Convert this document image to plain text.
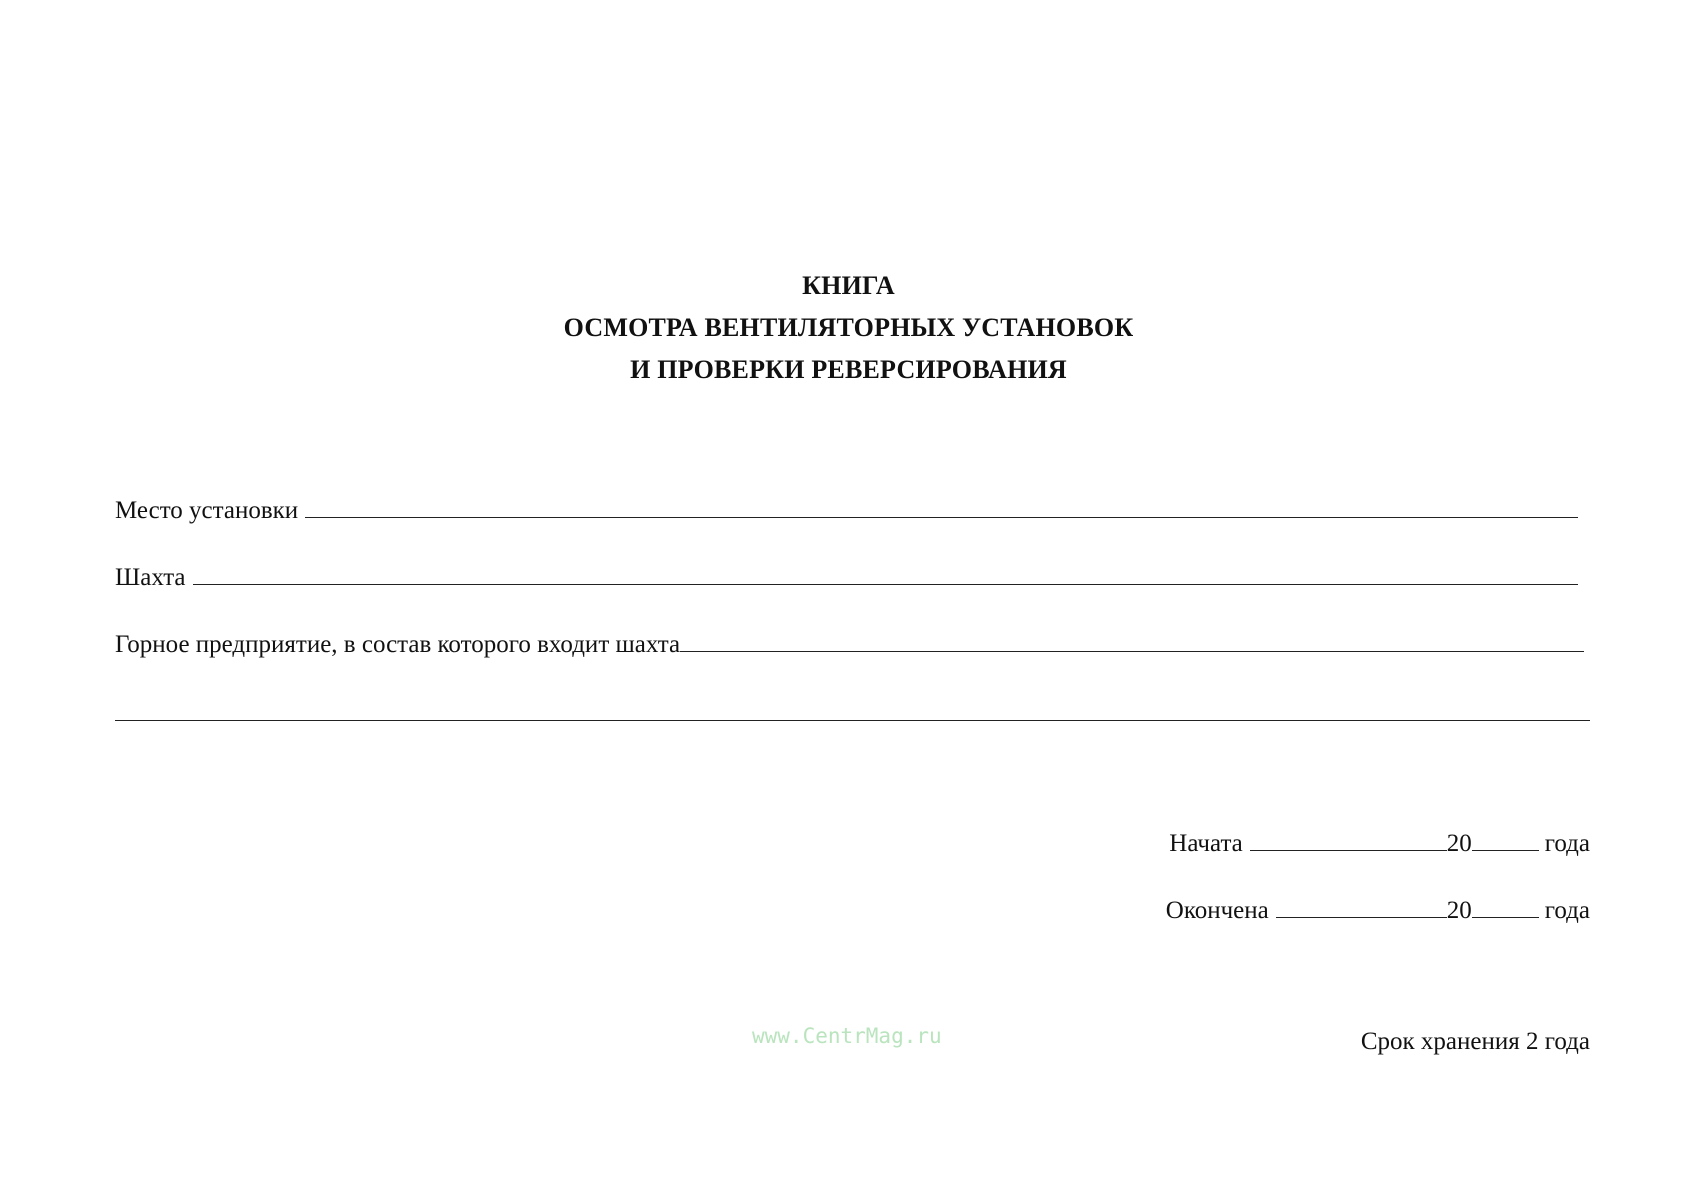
КНИГА
ОСМОТРА ВЕНТИЛЯТОРНЫХ УСТАНОВОК
И ПРОВЕРКИ РЕВЕРСИРОВАНИЯ
Место установки
Шахта
Горное предприятие, в состав которого входит шахта
Начата	20	года
Окончена	20	года
www.CentrMag.ru	Срок хранения 2 года
